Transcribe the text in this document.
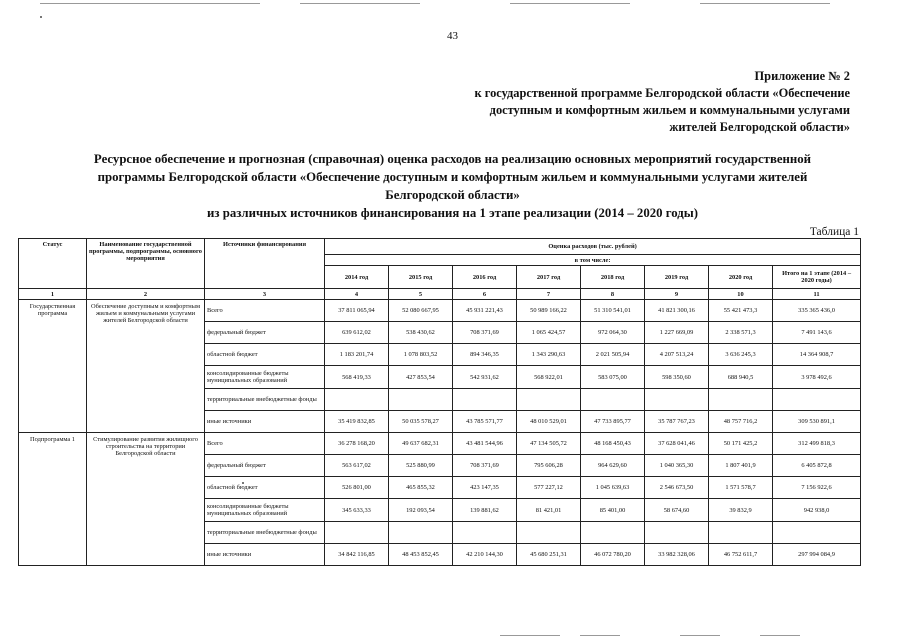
43
Приложение № 2
к государственной программе Белгородской области «Обеспечение
доступным и комфортным жильем и коммунальными услугами
жителей Белгородской области»
Ресурсное обеспечение и прогнозная (справочная) оценка расходов на реализацию основных мероприятий государственной
программы Белгородской области «Обеспечение доступным и комфортным жильем и коммунальными услугами жителей
Белгородской области»
из различных источников финансирования на 1 этапе реализации (2014 – 2020 годы)
Таблица 1
Статус	Наименование государственной программы, подпрограммы, основного мероприятия	Источники финансирования	Оценка расходов (тыс. рублей)							
			в том числе:							
			2014 год	2015 год	2016 год	2017 год	2018 год	2019 год	2020 год	Итого на 1 этапе (2014 – 2020 годы)
1	2	3	4	5	6	7	8	9	10	11
Государственная программа	Обеспечение доступным и комфортным жильем и коммунальными услугами жителей Белгородской области	Всего	37 811 065,94	52 080 667,95	45 931 221,43	50 989 166,22	51 310 541,01	41 821 300,16	55 421 473,3	335 365 436,0
		федеральный бюджет	639 612,02	538 430,62	708 371,69	1 065 424,57	972 064,30	1 227 669,09	2 338 571,3	7 491 143,6
		областной бюджет	1 183 201,74	1 078 803,52	894 346,35	1 343 290,63	2 021 505,94	4 207 513,24	3 636 245,3	14 364 908,7
		консолидированные бюджеты муниципальных образований	568 419,33	427 853,54	542 931,62	568 922,01	583 075,00	598 350,60	688 940,5	3 978 492,6
		территориальные внебюджетные фонды								
		иные источники	35 419 832,85	50 035 578,27	43 785 571,77	48 010 529,01	47 733 895,77	35 787 767,23	48 757 716,2	309 530 891,1
Подпрограмма 1	Стимулирование развития жилищного строительства на территории Белгородской области	Всего	36 278 168,20	49 637 682,31	43 481 544,96	47 134 505,72	48 168 450,43	37 628 041,46	50 171 425,2	312 499 818,3
		федеральный бюджет	563 617,02	525 880,99	708 371,69	795 606,28	964 629,60	1 040 365,30	1 807 401,9	6 405 872,8
		областной бюджет	526 801,00	465 855,32	423 147,35	577 227,12	1 045 639,63	2 546 673,50	1 571 578,7	7 156 922,6
		консолидированные бюджеты муниципальных образований	345 633,33	192 093,54	139 881,62	81 421,01	85 401,00	58 674,60	39 832,9	942 938,0
		территориальные внебюджетные фонды								
		иные источники	34 842 116,85	48 453 852,45	42 210 144,30	45 680 251,31	46 072 780,20	33 982 328,06	46 752 611,7	297 994 084,9
